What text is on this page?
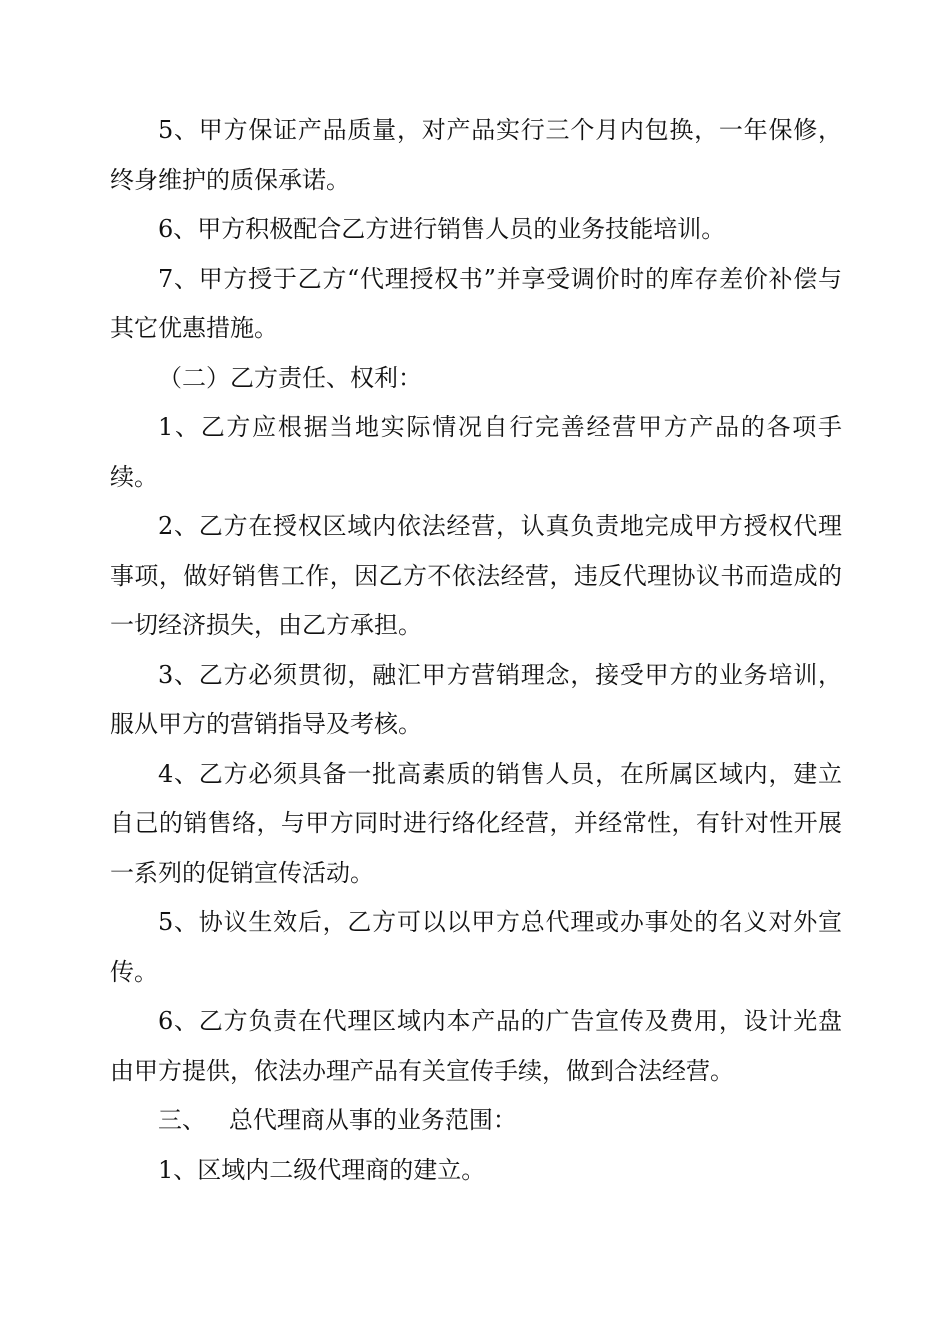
5、甲方保证产品质量，对产品实行三个月内包换，一年保修，终身维护的质保承诺。

6、甲方积极配合乙方进行销售人员的业务技能培训。

7、甲方授于乙方“代理授权书”并享受调价时的库存差价补偿与其它优惠措施。

（二）乙方责任、权利：

1、乙方应根据当地实际情况自行完善经营甲方产品的各项手续。

2、乙方在授权区域内依法经营，认真负责地完成甲方授权代理事项，做好销售工作，因乙方不依法经营，违反代理协议书而造成的一切经济损失，由乙方承担。

3、乙方必须贯彻，融汇甲方营销理念，接受甲方的业务培训，服从甲方的营销指导及考核。

4、乙方必须具备一批高素质的销售人员，在所属区域内，建立自己的销售络，与甲方同时进行络化经营，并经常性，有针对性开展一系列的促销宣传活动。

5、协议生效后，乙方可以以甲方总代理或办事处的名义对外宣传。

6、乙方负责在代理区域内本产品的广告宣传及费用，设计光盘由甲方提供，依法办理产品有关宣传手续，做到合法经营。

三、   总代理商从事的业务范围：

1、区域内二级代理商的建立。
